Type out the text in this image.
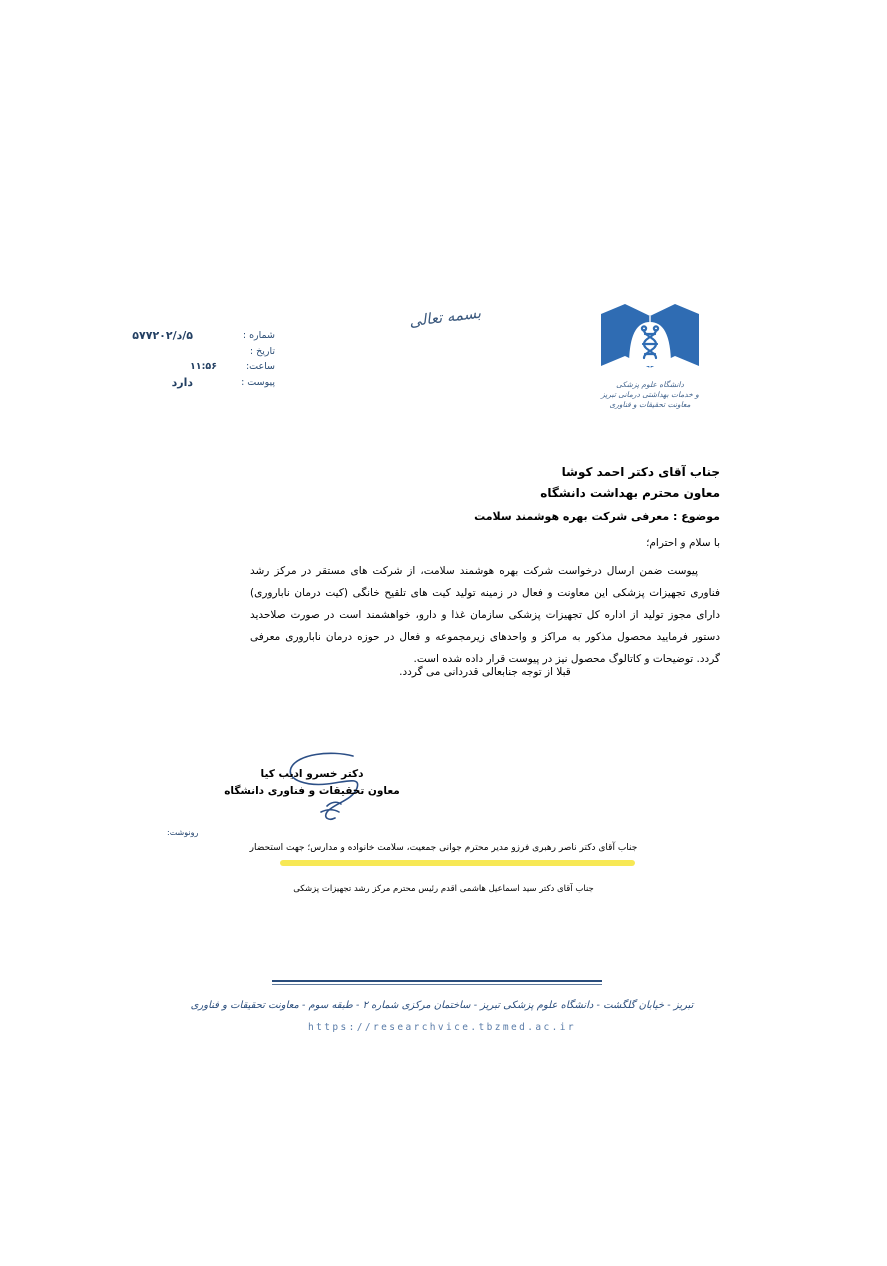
بسمه تعالی
شماره :
۵/د/۵۷۷۲۰۲
تاریخ :
ساعت:
۱۱:۵۶
پیوست :
دارد	دانشگاه علوم پزشکی
و خدمات بهداشتی درمانی تبریز
معاونت تحقیقات و فناوری
جناب آقای دکتر احمد کوشا
معاون محترم بهداشت دانشگاه
موضوع : معرفی شرکت بهره هوشمند سلامت
با سلام و احترام؛
پیوست ضمن ارسال درخواست شرکت بهره هوشمند سلامت، از شرکت های مستقر در مرکز رشد فناوری تجهیزات پزشکی این معاونت و فعال در زمینه تولید کیت های تلقیح خانگی (کیت درمان ناباروری) دارای مجوز تولید از اداره کل تجهیزات پزشکی سازمان غذا و دارو، خواهشمند است در صورت صلاحدید دستور فرمایید محصول مذکور به مراکز و واحدهای زیرمجموعه و فعال در حوزه درمان ناباروری معرفی گردد. توضیحات و کاتالوگ محصول نیز در پیوست قرار داده شده است.
قبلا از توجه جنابعالی قدردانی می گردد.
دکتر خسرو ادیب کیا
معاون تحقیقات و فناوری دانشگاه
رونوشت:
جناب آقای دکتر ناصر رهبری فرزو مدیر محترم جوانی جمعیت، سلامت خانواده و مدارس؛ جهت استحضار
جناب آقای دکتر سید اسماعیل هاشمی اقدم رئیس محترم مرکز رشد تجهیزات پزشکی
تبریز - خیابان گلگشت - دانشگاه علوم پزشکی تبریز - ساختمان مرکزی شماره ۲ - طبقه سوم - معاونت تحقیقات و فناوری
https://researchvice.tbzmed.ac.ir
